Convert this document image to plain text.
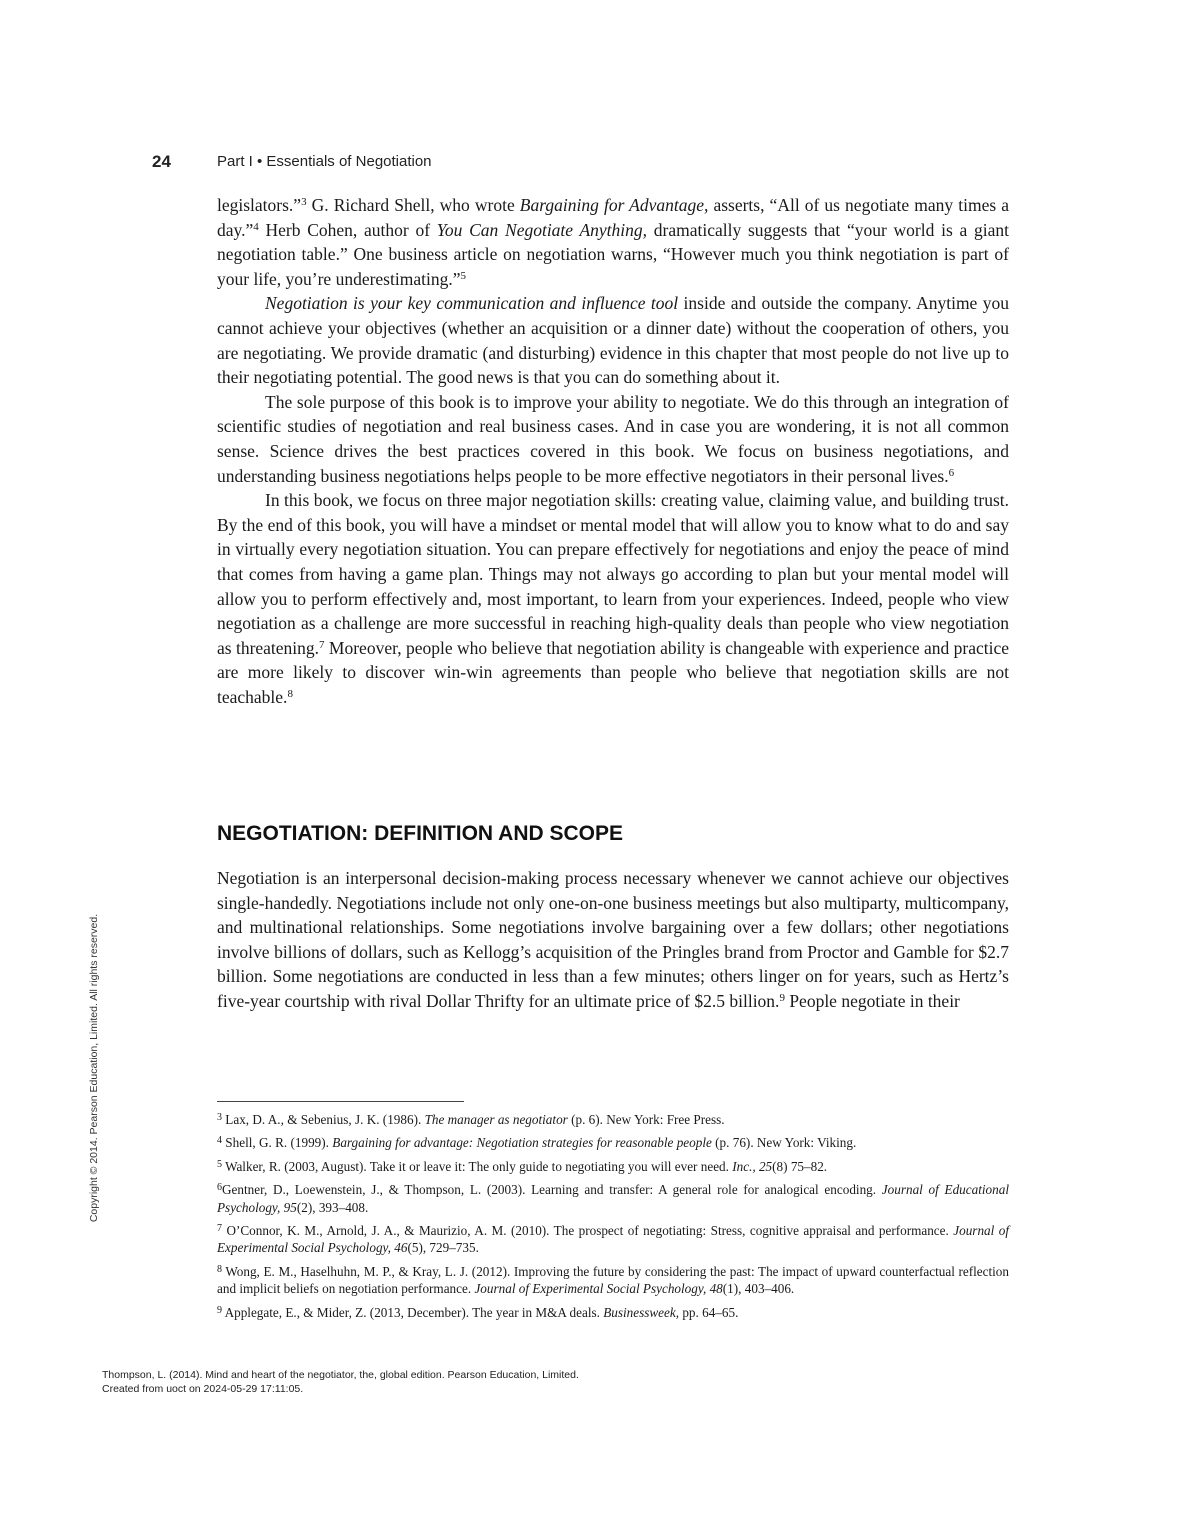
24	Part I • Essentials of Negotiation

legislators.”$^3$ G. Richard Shell, who wrote Bargaining for Advantage, asserts, “All of us negotiate many times a day.”$^4$ Herb Cohen, author of You Can Negotiate Anything, dramatically suggests that “your world is a giant negotiation table.” One business article on negotiation warns, “However much you think negotiation is part of your life, you’re underestimating.”$^5$

Negotiation is your key communication and influence tool inside and outside the company. Anytime you cannot achieve your objectives (whether an acquisition or a dinner date) without the cooperation of others, you are negotiating. We provide dramatic (and disturbing) evidence in this chapter that most people do not live up to their negotiating potential. The good news is that you can do something about it.

The sole purpose of this book is to improve your ability to negotiate. We do this through an integration of scientific studies of negotiation and real business cases. And in case you are wondering, it is not all common sense. Science drives the best practices covered in this book. We focus on business negotiations, and understanding business negotiations helps people to be more effective negotiators in their personal lives.$^6$

In this book, we focus on three major negotiation skills: creating value, claiming value, and building trust. By the end of this book, you will have a mindset or mental model that will allow you to know what to do and say in virtually every negotiation situation. You can prepare effectively for negotiations and enjoy the peace of mind that comes from having a game plan. Things may not always go according to plan but your mental model will allow you to perform effectively and, most important, to learn from your experiences. Indeed, people who view negotiation as a challenge are more successful in reaching high-quality deals than people who view negotiation as threatening.$^7$ Moreover, people who believe that negotiation ability is changeable with experience and practice are more likely to discover win-win agreements than people who believe that negotiation skills are not teachable.$^8$

NEGOTIATION: DEFINITION AND SCOPE

Negotiation is an interpersonal decision-making process necessary whenever we cannot achieve our objectives single-handedly. Negotiations include not only one-on-one business meetings but also multiparty, multicompany, and multinational relationships. Some negotiations involve bargaining over a few dollars; other negotiations involve billions of dollars, such as Kellogg’s acquisition of the Pringles brand from Proctor and Gamble for $2.7 billion. Some negotiations are conducted in less than a few minutes; others linger on for years, such as Hertz’s five-year courtship with rival Dollar Thrifty for an ultimate price of $2.5 billion.$^9$ People negotiate in their

$^3$ Lax, D. A., & Sebenius, J. K. (1986). The manager as negotiator (p. 6). New York: Free Press.

$^4$ Shell, G. R. (1999). Bargaining for advantage: Negotiation strategies for reasonable people (p. 76). New York: Viking.

$^5$ Walker, R. (2003, August). Take it or leave it: The only guide to negotiating you will ever need. Inc., 25(8) 75–82.

$^6$Gentner, D., Loewenstein, J., & Thompson, L. (2003). Learning and transfer: A general role for analogical encoding. Journal of Educational Psychology, 95(2), 393–408.

$^7$ O’Connor, K. M., Arnold, J. A., & Maurizio, A. M. (2010). The prospect of negotiating: Stress, cognitive appraisal and performance. Journal of Experimental Social Psychology, 46(5), 729–735.

$^8$ Wong, E. M., Haselhuhn, M. P., & Kray, L. J. (2012). Improving the future by considering the past: The impact of upward counterfactual reflection and implicit beliefs on negotiation performance. Journal of Experimental Social Psychology, 48(1), 403–406.

$^9$ Applegate, E., & Mider, Z. (2013, December). The year in M&A deals. Businessweek, pp. 64–65.

Copyright © 2014. Pearson Education, Limited. All rights reserved.
Thompson, L. (2014). Mind and heart of the negotiator, the, global edition. Pearson Education, Limited.
Created from uoct on 2024-05-29 17:11:05.
